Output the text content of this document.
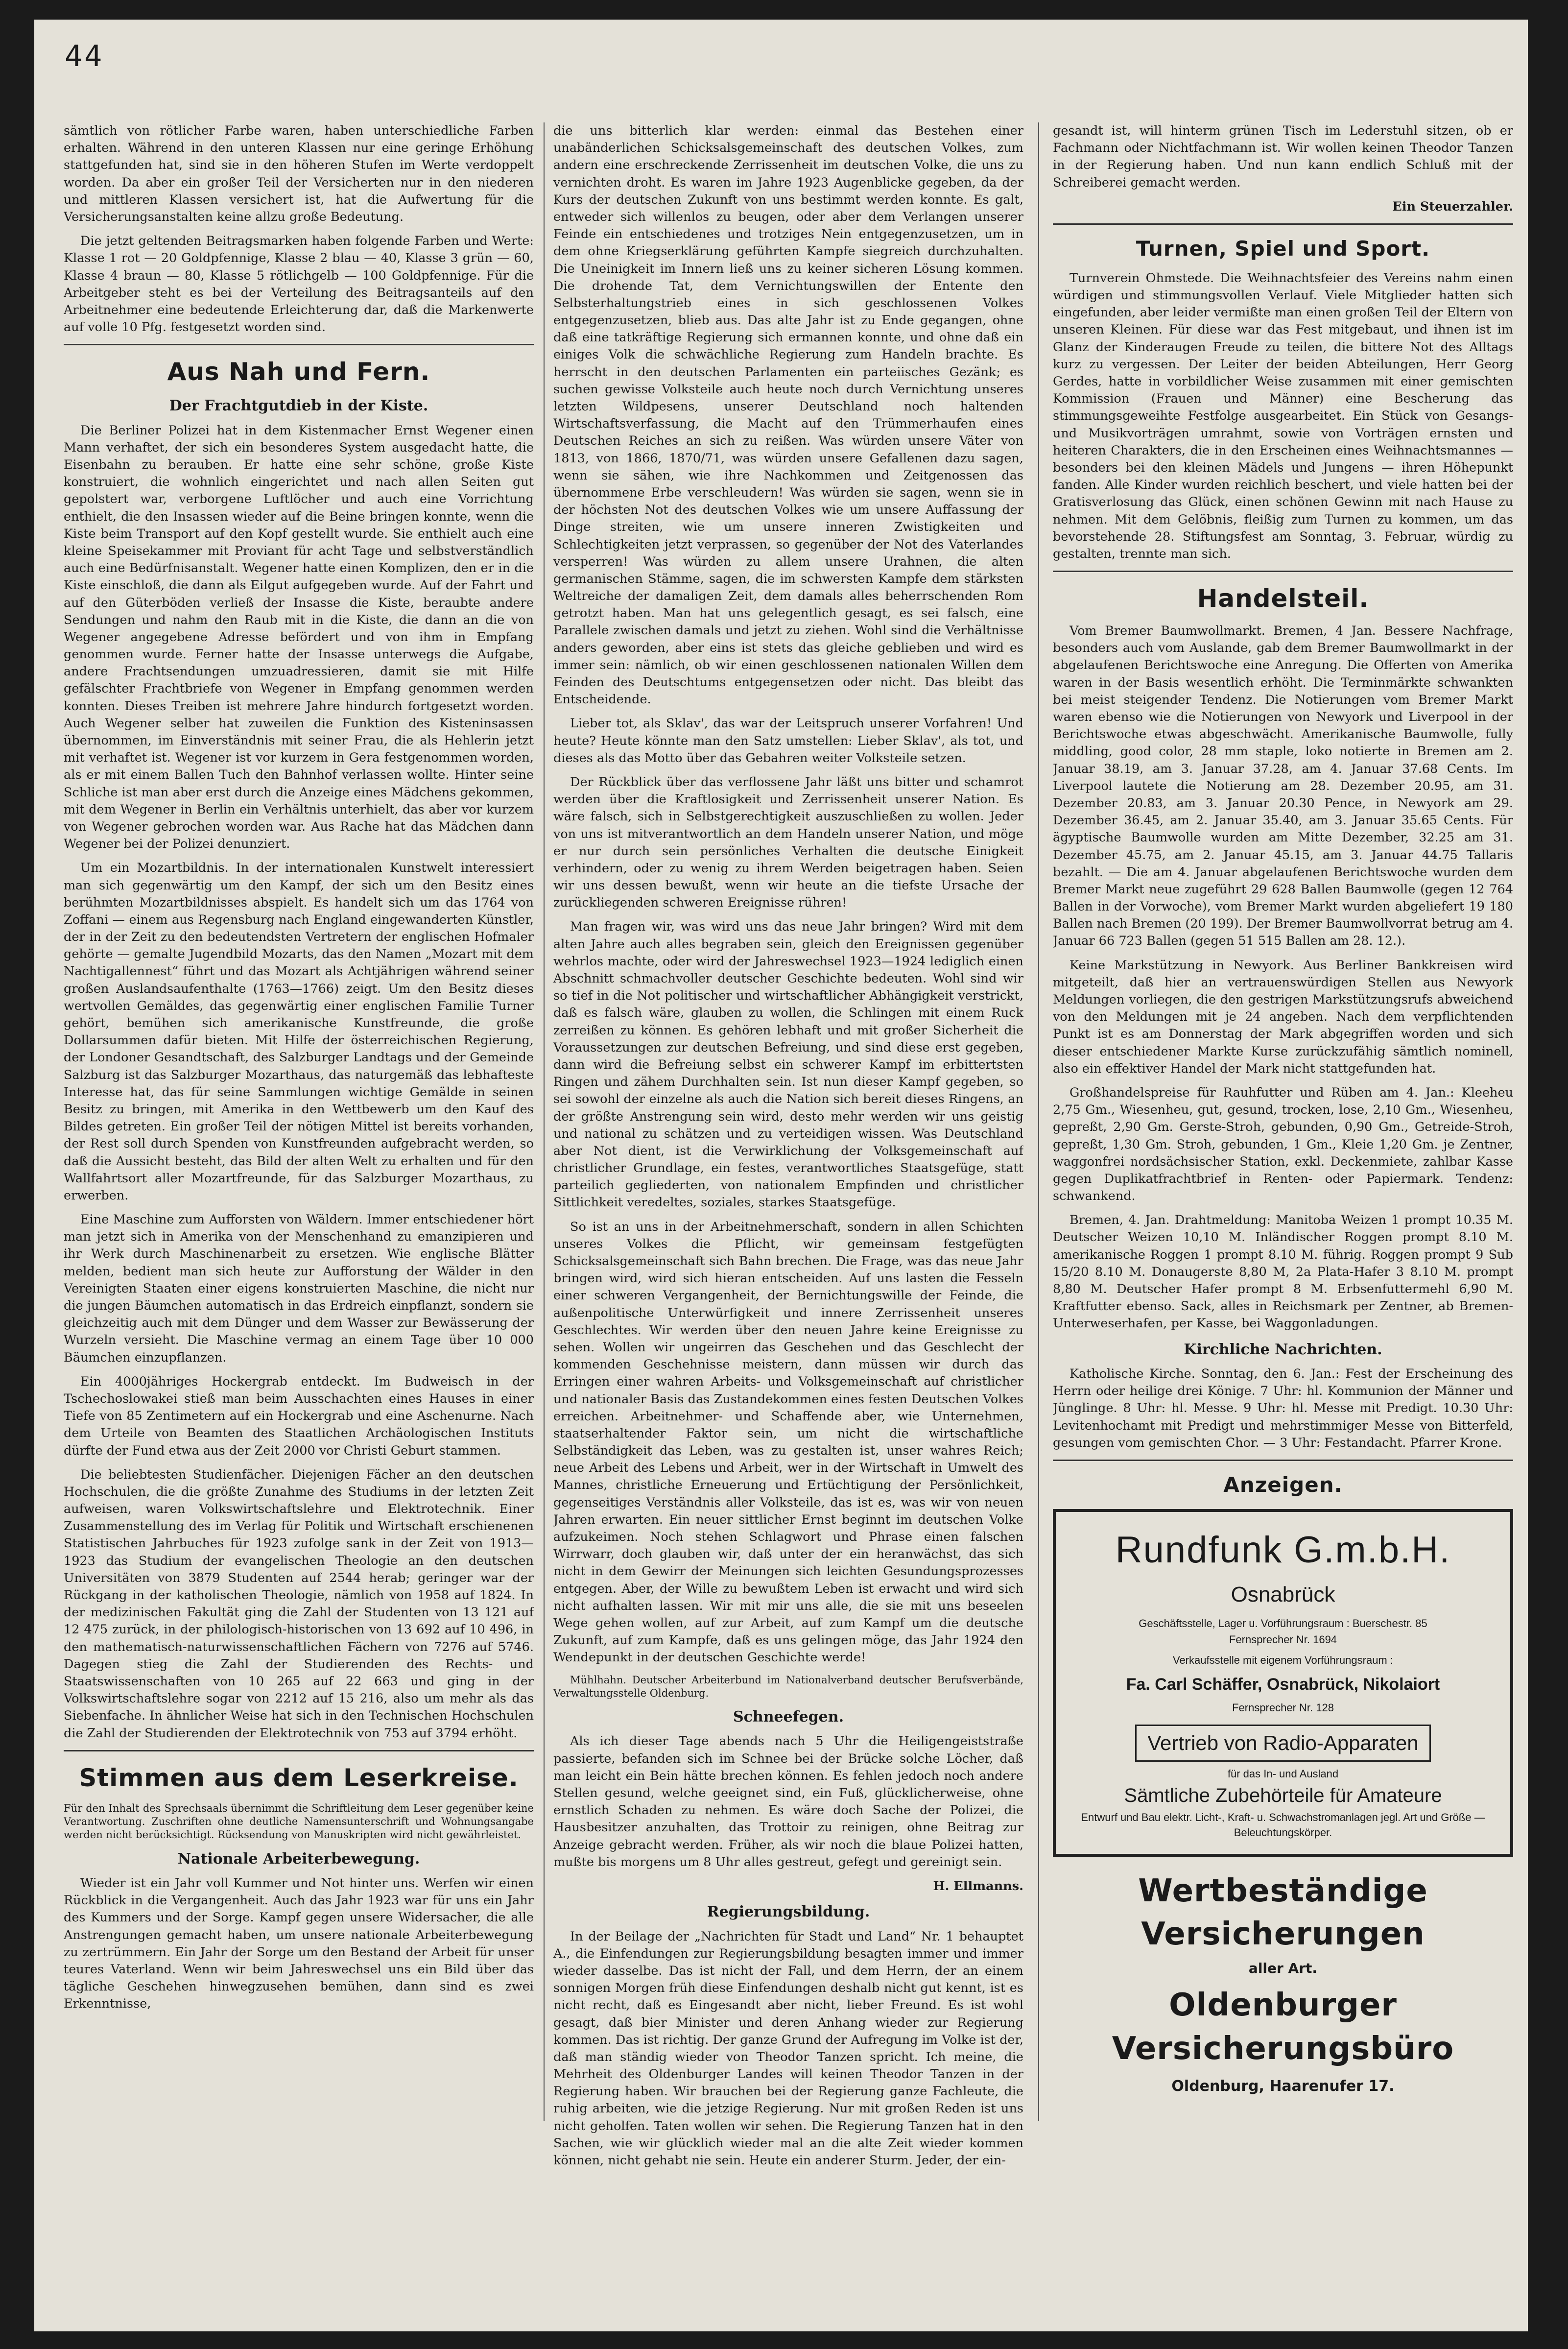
44

sämtlich von rötlicher Farbe waren, haben unterschiedliche Farben erhalten. Während in den unteren Klassen nur eine geringe Erhöhung stattgefunden hat, sind sie in den höheren Stufen im Werte verdoppelt worden. Da aber ein großer Teil der Versicherten nur in den niederen und mittleren Klassen versichert ist, hat die Aufwertung für die Versicherungsanstalten keine allzu große Bedeutung.

Die jetzt geltenden Beitragsmarken haben folgende Farben und Werte: Klasse 1 rot — 20 Goldpfennige, Klasse 2 blau — 40, Klasse 3 grün — 60, Klasse 4 braun — 80, Klasse 5 rötlichgelb — 100 Goldpfennige. Für die Arbeitgeber steht es bei der Verteilung des Beitragsanteils auf den Arbeitnehmer eine bedeutende Erleichterung dar, daß die Markenwerte auf volle 10 Pfg. festgesetzt worden sind.

Aus Nah und Fern.
Der Frachtgutdieb in der Kiste.

Die Berliner Polizei hat in dem Kistenmacher Ernst Wegener einen Mann verhaftet, der sich ein besonderes System ausgedacht hatte, die Eisenbahn zu berauben. Er hatte eine sehr schöne, große Kiste konstruiert, die wohnlich eingerichtet und nach allen Seiten gut gepolstert war, verborgene Luftlöcher und auch eine Vorrichtung enthielt, die den Insassen wieder auf die Beine bringen konnte, wenn die Kiste beim Transport auf den Kopf gestellt wurde. Sie enthielt auch eine kleine Speisekammer mit Proviant für acht Tage und selbstverständlich auch eine Bedürfnisanstalt. Wegener hatte einen Komplizen, den er in die Kiste einschloß, die dann als Eilgut aufgegeben wurde. Auf der Fahrt und auf den Güterböden verließ der Insasse die Kiste, beraubte andere Sendungen und nahm den Raub mit in die Kiste, die dann an die von Wegener angegebene Adresse befördert und von ihm in Empfang genommen wurde. Ferner hatte der Insasse unterwegs die Aufgabe, andere Frachtsendungen umzuadressieren, damit sie mit Hilfe gefälschter Frachtbriefe von Wegener in Empfang genommen werden konnten. Dieses Treiben ist mehrere Jahre hindurch fortgesetzt worden. Auch Wegener selber hat zuweilen die Funktion des Kisteninsassen übernommen, im Einverständnis mit seiner Frau, die als Hehlerin jetzt mit verhaftet ist. Wegener ist vor kurzem in Gera festgenommen worden, als er mit einem Ballen Tuch den Bahnhof verlassen wollte. Hinter seine Schliche ist man aber erst durch die Anzeige eines Mädchens gekommen, mit dem Wegener in Berlin ein Verhältnis unterhielt, das aber vor kurzem von Wegener gebrochen worden war. Aus Rache hat das Mädchen dann Wegener bei der Polizei denunziert.

Um ein Mozartbildnis. In der internationalen Kunstwelt interessiert man sich gegenwärtig um den Kampf, der sich um den Besitz eines berühmten Mozartbildnisses abspielt. Es handelt sich um das 1764 von Zoffani — einem aus Regensburg nach England eingewanderten Künstler, der in der Zeit zu den bedeutendsten Vertretern der englischen Hofmaler gehörte — gemalte Jugendbild Mozarts, das den Namen „Mozart mit dem Nachtigallennest“ führt und das Mozart als Achtjährigen während seiner großen Auslandsaufenthalte (1763—1766) zeigt. Um den Besitz dieses wertvollen Gemäldes, das gegenwärtig einer englischen Familie Turner gehört, bemühen sich amerikanische Kunstfreunde, die große Dollarsummen dafür bieten. Mit Hilfe der österreichischen Regierung, der Londoner Gesandtschaft, des Salzburger Landtags und der Gemeinde Salzburg ist das Salzburger Mozarthaus, das naturgemäß das lebhafteste Interesse hat, das für seine Sammlungen wichtige Gemälde in seinen Besitz zu bringen, mit Amerika in den Wettbewerb um den Kauf des Bildes getreten. Ein großer Teil der nötigen Mittel ist bereits vorhanden, der Rest soll durch Spenden von Kunstfreunden aufgebracht werden, so daß die Aussicht besteht, das Bild der alten Welt zu erhalten und für den Wallfahrtsort aller Mozartfreunde, für das Salzburger Mozarthaus, zu erwerben.

Eine Maschine zum Aufforsten von Wäldern. Immer entschiedener hört man jetzt sich in Amerika von der Menschenhand zu emanzipieren und ihr Werk durch Maschinenarbeit zu ersetzen. Wie englische Blätter melden, bedient man sich heute zur Aufforstung der Wälder in den Vereinigten Staaten einer eigens konstruierten Maschine, die nicht nur die jungen Bäumchen automatisch in das Erdreich einpflanzt, sondern sie gleichzeitig auch mit dem Dünger und dem Wasser zur Bewässerung der Wurzeln versieht. Die Maschine vermag an einem Tage über 10 000 Bäumchen einzupflanzen.

Ein 4000jähriges Hockergrab entdeckt. Im Budweisch in der Tschechoslowakei stieß man beim Ausschachten eines Hauses in einer Tiefe von 85 Zentimetern auf ein Hockergrab und eine Aschenurne. Nach dem Urteile von Beamten des Staatlichen Archäologischen Instituts dürfte der Fund etwa aus der Zeit 2000 vor Christi Geburt stammen.

Die beliebtesten Studienfächer. Diejenigen Fächer an den deutschen Hochschulen, die die größte Zunahme des Studiums in der letzten Zeit aufweisen, waren Volkswirtschaftslehre und Elektrotechnik. Einer Zusammenstellung des im Verlag für Politik und Wirtschaft erschienenen Statistischen Jahrbuches für 1923 zufolge sank in der Zeit von 1913—1923 das Studium der evangelischen Theologie an den deutschen Universitäten von 3879 Studenten auf 2544 herab; geringer war der Rückgang in der katholischen Theologie, nämlich von 1958 auf 1824. In der medizinischen Fakultät ging die Zahl der Studenten von 13 121 auf 12 475 zurück, in der philologisch-historischen von 13 692 auf 10 496, in den mathematisch-naturwissenschaftlichen Fächern von 7276 auf 5746. Dagegen stieg die Zahl der Studierenden des Rechts- und Staatswissenschaften von 10 265 auf 22 663 und ging in der Volkswirtschaftslehre sogar von 2212 auf 15 216, also um mehr als das Siebenfache. In ähnlicher Weise hat sich in den Technischen Hochschulen die Zahl der Studierenden der Elektrotechnik von 753 auf 3794 erhöht.

Stimmen aus dem Leserkreise.

Für den Inhalt des Sprechsaals übernimmt die Schriftleitung dem Leser gegenüber keine Verantwortung. Zuschriften ohne deutliche Namensunterschrift und Wohnungsangabe werden nicht berücksichtigt. Rücksendung von Manuskripten wird nicht gewährleistet.

Nationale Arbeiterbewegung.

Wieder ist ein Jahr voll Kummer und Not hinter uns. Werfen wir einen Rückblick in die Vergangenheit. Auch das Jahr 1923 war für uns ein Jahr des Kummers und der Sorge. Kampf gegen unsere Widersacher, die alle Anstrengungen gemacht haben, um unsere nationale Arbeiterbewegung zu zertrümmern. Ein Jahr der Sorge um den Bestand der Arbeit für unser teures Vaterland. Wenn wir beim Jahreswechsel uns ein Bild über das tägliche Geschehen hinwegzusehen bemühen, dann sind es zwei Erkenntnisse,

die uns bitterlich klar werden: einmal das Bestehen einer unabänderlichen Schicksalsgemeinschaft des deutschen Volkes, zum andern eine erschreckende Zerrissenheit im deutschen Volke, die uns zu vernichten droht. Es waren im Jahre 1923 Augenblicke gegeben, da der Kurs der deutschen Zukunft von uns bestimmt werden konnte. Es galt, entweder sich willenlos zu beugen, oder aber dem Verlangen unserer Feinde ein entschiedenes und trotziges Nein entgegenzusetzen, um in dem ohne Kriegserklärung geführten Kampfe siegreich durchzuhalten. Die Uneinigkeit im Innern ließ uns zu keiner sicheren Lösung kommen. Die drohende Tat, dem Vernichtungswillen der Entente den Selbsterhaltungstrieb eines in sich geschlossenen Volkes entgegenzusetzen, blieb aus. Das alte Jahr ist zu Ende gegangen, ohne daß eine tatkräftige Regierung sich ermannen konnte, und ohne daß ein einiges Volk die schwächliche Regierung zum Handeln brachte. Es herrscht in den deutschen Parlamenten ein parteiisches Gezänk; es suchen gewisse Volksteile auch heute noch durch Vernichtung unseres letzten Wildpesens, unserer Deutschland noch haltenden Wirtschaftsverfassung, die Macht auf den Trümmerhaufen eines Deutschen Reiches an sich zu reißen. Was würden unsere Väter von 1813, von 1866, 1870/71, was würden unsere Gefallenen dazu sagen, wenn sie sähen, wie ihre Nachkommen und Zeitgenossen das übernommene Erbe verschleudern! Was würden sie sagen, wenn sie in der höchsten Not des deutschen Volkes wie um unsere Auffassung der Dinge streiten, wie um unsere inneren Zwistigkeiten und Schlechtigkeiten jetzt verprassen, so gegenüber der Not des Vaterlandes versperren! Was würden zu allem unsere Urahnen, die alten germanischen Stämme, sagen, die im schwersten Kampfe dem stärksten Weltreiche der damaligen Zeit, dem damals alles beherrschenden Rom getrotzt haben. Man hat uns gelegentlich gesagt, es sei falsch, eine Parallele zwischen damals und jetzt zu ziehen. Wohl sind die Verhältnisse anders geworden, aber eins ist stets das gleiche geblieben und wird es immer sein: nämlich, ob wir einen geschlossenen nationalen Willen dem Feinden des Deutschtums entgegensetzen oder nicht. Das bleibt das Entscheidende.

Lieber tot, als Sklav', das war der Leitspruch unserer Vorfahren! Und heute? Heute könnte man den Satz umstellen: Lieber Sklav', als tot, und dieses als das Motto über das Gebahren weiter Volksteile setzen.

Der Rückblick über das verflossene Jahr läßt uns bitter und schamrot werden über die Kraftlosigkeit und Zerrissenheit unserer Nation. Es wäre falsch, sich in Selbstgerechtigkeit auszuschließen zu wollen. Jeder von uns ist mitverantwortlich an dem Handeln unserer Nation, und möge er nur durch sein persönliches Verhalten die deutsche Einigkeit verhindern, oder zu wenig zu ihrem Werden beigetragen haben. Seien wir uns dessen bewußt, wenn wir heute an die tiefste Ursache der zurückliegenden schweren Ereignisse rühren!

Man fragen wir, was wird uns das neue Jahr bringen? Wird mit dem alten Jahre auch alles begraben sein, gleich den Ereignissen gegenüber wehrlos machte, oder wird der Jahreswechsel 1923—1924 lediglich einen Abschnitt schmachvoller deutscher Geschichte bedeuten. Wohl sind wir so tief in die Not politischer und wirtschaftlicher Abhängigkeit verstrickt, daß es falsch wäre, glauben zu wollen, die Schlingen mit einem Ruck zerreißen zu können. Es gehören lebhaft und mit großer Sicherheit die Voraussetzungen zur deutschen Befreiung, und sind diese erst gegeben, dann wird die Befreiung selbst ein schwerer Kampf im erbittertsten Ringen und zähem Durchhalten sein. Ist nun dieser Kampf gegeben, so sei sowohl der einzelne als auch die Nation sich bereit dieses Ringens, an der größte Anstrengung sein wird, desto mehr werden wir uns geistig und national zu schätzen und zu verteidigen wissen. Was Deutschland aber Not dient, ist die Verwirklichung der Volksgemeinschaft auf christlicher Grundlage, ein festes, verantwortliches Staatsgefüge, statt parteilich gegliederten, von nationalem Empfinden und christlicher Sittlichkeit veredeltes, soziales, starkes Staatsgefüge.

So ist an uns in der Arbeitnehmerschaft, sondern in allen Schichten unseres Volkes die Pflicht, wir gemeinsam festgefügten Schicksalsgemeinschaft sich Bahn brechen. Die Frage, was das neue Jahr bringen wird, wird sich hieran entscheiden. Auf uns lasten die Fesseln einer schweren Vergangenheit, der Bernichtungswille der Feinde, die außenpolitische Unterwürfigkeit und innere Zerrissenheit unseres Geschlechtes. Wir werden über den neuen Jahre keine Ereignisse zu sehen. Wollen wir ungeirren das Geschehen und das Geschlecht der kommenden Geschehnisse meistern, dann müssen wir durch das Erringen einer wahren Arbeits- und Volksgemeinschaft auf christlicher und nationaler Basis das Zustandekommen eines festen Deutschen Volkes erreichen. Arbeitnehmer- und Schaffende aber, wie Unternehmen, staatserhaltender Faktor sein, um nicht die wirtschaftliche Selbständigkeit das Leben, was zu gestalten ist, unser wahres Reich; neue Arbeit des Lebens und Arbeit, wer in der Wirtschaft in Umwelt des Mannes, christliche Erneuerung und Ertüchtigung der Persönlichkeit, gegenseitiges Verständnis aller Volksteile, das ist es, was wir von neuen Jahren erwarten. Ein neuer sittlicher Ernst beginnt im deutschen Volke aufzukeimen. Noch stehen Schlagwort und Phrase einen falschen Wirrwarr, doch glauben wir, daß unter der ein heranwächst, das sich nicht in dem Gewirr der Meinungen sich leichten Gesundungsprozesses entgegen. Aber, der Wille zu bewußtem Leben ist erwacht und wird sich nicht aufhalten lassen. Wir mit mir uns alle, die sie mit uns beseelen Wege gehen wollen, auf zur Arbeit, auf zum Kampf um die deutsche Zukunft, auf zum Kampfe, daß es uns gelingen möge, das Jahr 1924 den Wendepunkt in der deutschen Geschichte werde!

Mühlhahn. Deutscher Arbeiterbund im Nationalverband deutscher Berufsverbände, Verwaltungsstelle Oldenburg.

Schneefegen.

Als ich dieser Tage abends nach 5 Uhr die Heiligengeiststraße passierte, befanden sich im Schnee bei der Brücke solche Löcher, daß man leicht ein Bein hätte brechen können. Es fehlen jedoch noch andere Stellen gesund, welche geeignet sind, ein Fuß, glücklicherweise, ohne ernstlich Schaden zu nehmen. Es wäre doch Sache der Polizei, die Hausbesitzer anzuhalten, das Trottoir zu reinigen, ohne Beitrag zur Anzeige gebracht werden. Früher, als wir noch die blaue Polizei hatten, mußte bis morgens um 8 Uhr alles gestreut, gefegt und gereinigt sein.

H. Ellmanns.
Regierungsbildung.

In der Beilage der „Nachrichten für Stadt und Land“ Nr. 1 behauptet A., die Einfendungen zur Regierungsbildung besagten immer und immer wieder dasselbe. Das ist nicht der Fall, und dem Herrn, der an einem sonnigen Morgen früh diese Einfendungen deshalb nicht gut kennt, ist es nicht recht, daß es Eingesandt aber nicht, lieber Freund. Es ist wohl gesagt, daß bier Minister und deren Anhang wieder zur Regierung kommen. Das ist richtig. Der ganze Grund der Aufregung im Volke ist der, daß man ständig wieder von Theodor Tanzen spricht. Ich meine, die Mehrheit des Oldenburger Landes will keinen Theodor Tanzen in der Regierung haben. Wir brauchen bei der Regierung ganze Fachleute, die ruhig arbeiten, wie die jetzige Regierung. Nur mit großen Reden ist uns nicht geholfen. Taten wollen wir sehen. Die Regierung Tanzen hat in den Sachen, wie wir glücklich wieder mal an die alte Zeit wieder kommen können, nicht gehabt nie sein. Heute ein anderer Sturm. Jeder, der ein-

gesandt ist, will hinterm grünen Tisch im Lederstuhl sitzen, ob er Fachmann oder Nichtfachmann ist. Wir wollen keinen Theodor Tanzen in der Regierung haben. Und nun kann endlich Schluß mit der Schreiberei gemacht werden.

Ein Steuerzahler.
Turnen, Spiel und Sport.

Turnverein Ohmstede. Die Weihnachtsfeier des Vereins nahm einen würdigen und stimmungsvollen Verlauf. Viele Mitglieder hatten sich eingefunden, aber leider vermißte man einen großen Teil der Eltern von unseren Kleinen. Für diese war das Fest mitgebaut, und ihnen ist im Glanz der Kinderaugen Freude zu teilen, die bittere Not des Alltags kurz zu vergessen. Der Leiter der beiden Abteilungen, Herr Georg Gerdes, hatte in vorbildlicher Weise zusammen mit einer gemischten Kommission (Frauen und Männer) eine Bescherung das stimmungsgeweihte Festfolge ausgearbeitet. Ein Stück von Gesangs- und Musikvorträgen umrahmt, sowie von Vorträgen ernsten und heiteren Charakters, die in den Erscheinen eines Weihnachtsmannes — besonders bei den kleinen Mädels und Jungens — ihren Höhepunkt fanden. Alle Kinder wurden reichlich beschert, und viele hatten bei der Gratisverlosung das Glück, einen schönen Gewinn mit nach Hause zu nehmen. Mit dem Gelöbnis, fleißig zum Turnen zu kommen, um das bevorstehende 28. Stiftungsfest am Sonntag, 3. Februar, würdig zu gestalten, trennte man sich.

Handelsteil.

Vom Bremer Baumwollmarkt. Bremen, 4 Jan. Bessere Nachfrage, besonders auch vom Auslande, gab dem Bremer Baumwollmarkt in der abgelaufenen Berichtswoche eine Anregung. Die Offerten von Amerika waren in der Basis wesentlich erhöht. Die Terminmärkte schwankten bei meist steigender Tendenz. Die Notierungen vom Bremer Markt waren ebenso wie die Notierungen von Newyork und Liverpool in der Berichtswoche etwas abgeschwächt. Amerikanische Baumwolle, fully middling, good color, 28 mm staple, loko notierte in Bremen am 2. Januar 38.19, am 3. Januar 37.28, am 4. Januar 37.68 Cents. Im Liverpool lautete die Notierung am 28. Dezember 20.95, am 31. Dezember 20.83, am 3. Januar 20.30 Pence, in Newyork am 29. Dezember 36.45, am 2. Januar 35.40, am 3. Januar 35.65 Cents. Für ägyptische Baumwolle wurden am Mitte Dezember, 32.25 am 31. Dezember 45.75, am 2. Januar 45.15, am 3. Januar 44.75 Tallaris bezahlt. — Die am 4. Januar abgelaufenen Berichtswoche wurden dem Bremer Markt neue zugeführt 29 628 Ballen Baumwolle (gegen 12 764 Ballen in der Vorwoche), vom Bremer Markt wurden abgeliefert 19 180 Ballen nach Bremen (20 199). Der Bremer Baumwollvorrat betrug am 4. Januar 66 723 Ballen (gegen 51 515 Ballen am 28. 12.).

Keine Markstützung in Newyork. Aus Berliner Bankkreisen wird mitgeteilt, daß hier an vertrauenswürdigen Stellen aus Newyork Meldungen vorliegen, die den gestrigen Markstützungsrufs abweichend von den Meldungen mit je 24 angeben. Nach dem verpflichtenden Punkt ist es am Donnerstag der Mark abgegriffen worden und sich dieser entschiedener Markte Kurse zurückzufähig sämtlich nominell, also ein effektiver Handel der Mark nicht stattgefunden hat.

Großhandelspreise für Rauhfutter und Rüben am 4. Jan.: Kleeheu 2,75 Gm., Wiesenheu, gut, gesund, trocken, lose, 2,10 Gm., Wiesenheu, gepreßt, 2,90 Gm. Gerste-Stroh, gebunden, 0,90 Gm., Getreide-Stroh, gepreßt, 1,30 Gm. Stroh, gebunden, 1 Gm., Kleie 1,20 Gm. je Zentner, waggonfrei nordsächsischer Station, exkl. Deckenmiete, zahlbar Kasse gegen Duplikatfrachtbrief in Renten- oder Papiermark. Tendenz: schwankend.

Bremen, 4. Jan. Drahtmeldung: Manitoba Weizen 1 prompt 10.35 M. Deutscher Weizen 10,10 M. Inländischer Roggen prompt 8.10 M. amerikanische Roggen 1 prompt 8.10 M. führig. Roggen prompt 9 Sub 15/20 8.10 M. Donaugerste 8,80 M, 2a Plata-Hafer 3 8.10 M. prompt 8,80 M. Deutscher Hafer prompt 8 M. Erbsenfuttermehl 6,90 M. Kraftfutter ebenso. Sack, alles in Reichsmark per Zentner, ab Bremen-Unterweserhafen, per Kasse, bei Waggonladungen.

Kirchliche Nachrichten.

Katholische Kirche. Sonntag, den 6. Jan.: Fest der Erscheinung des Herrn oder heilige drei Könige. 7 Uhr: hl. Kommunion der Männer und Jünglinge. 8 Uhr: hl. Messe. 9 Uhr: hl. Messe mit Predigt. 10.30 Uhr: Levitenhochamt mit Predigt und mehrstimmiger Messe von Bitterfeld, gesungen vom gemischten Chor. — 3 Uhr: Festandacht. Pfarrer Krone.

Anzeigen.
Rundfunk G.m.b.H.
Osnabrück
Geschäftsstelle, Lager u. Vorführungsraum : Buerschestr. 85
Fernsprecher Nr. 1694
Verkaufsstelle mit eigenem Vorführungsraum :
Fa. Carl Schäffer, Osnabrück, Nikolaiort
Fernsprecher Nr. 128
Vertrieb von Radio-Apparaten
für das In- und Ausland
Sämtliche Zubehörteile für Amateure
Entwurf und Bau elektr. Licht-, Kraft- u. Schwachstromanlagen jegl. Art und Größe — Beleuchtungskörper.
Wertbeständige Versicherungen
aller Art.
Oldenburger Versicherungsbüro
Oldenburg, Haarenufer 17.
